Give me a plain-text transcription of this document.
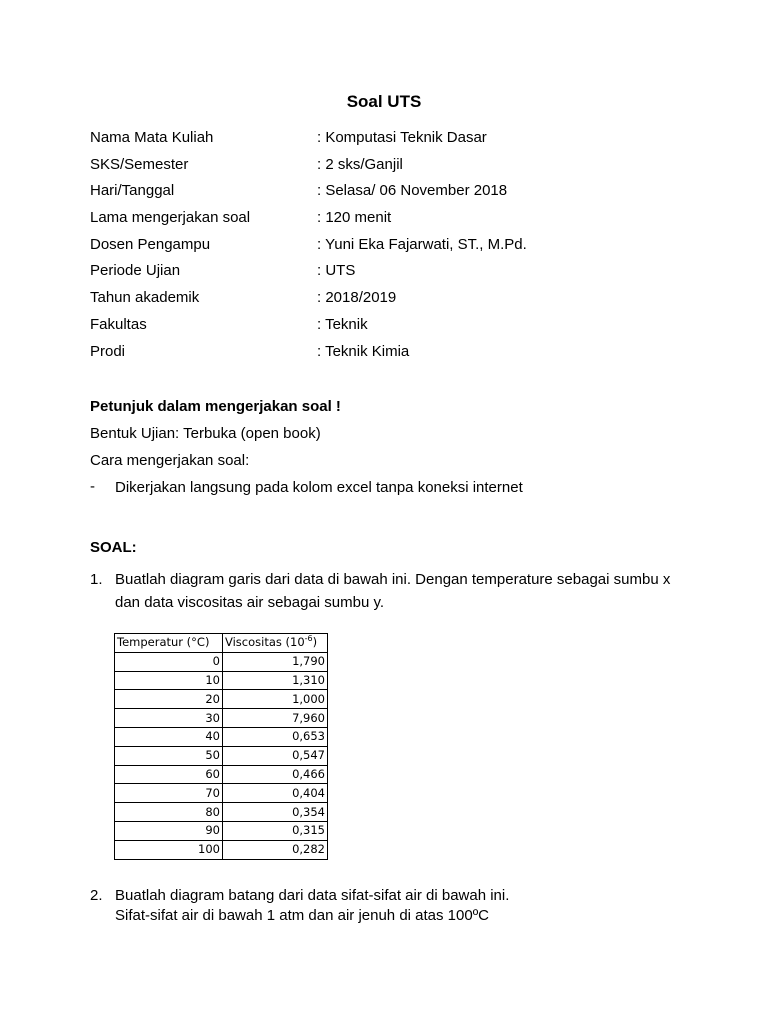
Soal UTS
Nama Mata Kuliah	: Komputasi Teknik Dasar
SKS/Semester	: 2 sks/Ganjil
Hari/Tanggal	: Selasa/ 06 November 2018
Lama mengerjakan soal	: 120 menit
Dosen Pengampu	: Yuni Eka Fajarwati, ST., M.Pd.
Periode Ujian	: UTS
Tahun akademik	: 2018/2019
Fakultas	: Teknik
Prodi	: Teknik Kimia
Petunjuk dalam mengerjakan soal !
Bentuk Ujian: Terbuka (open book)
Cara mengerjakan soal:
- Dikerjakan langsung pada kolom excel tanpa koneksi internet
SOAL:
1. Buatlah diagram garis dari data di bawah ini. Dengan temperature sebagai sumbu x
dan data viscositas air sebagai sumbu y.
Temperatur (°C)	Viscositas $(10^{-6})$
0	1,790
10	1,310
20	1,000
30	7,960
40	0,653
50	0,547
60	0,466
70	0,404
80	0,354
90	0,315
100	0,282
2. Buatlah diagram batang dari data sifat-sifat air di bawah ini.
Sifat-sifat air di bawah 1 atm dan air jenuh di atas 100ºC
